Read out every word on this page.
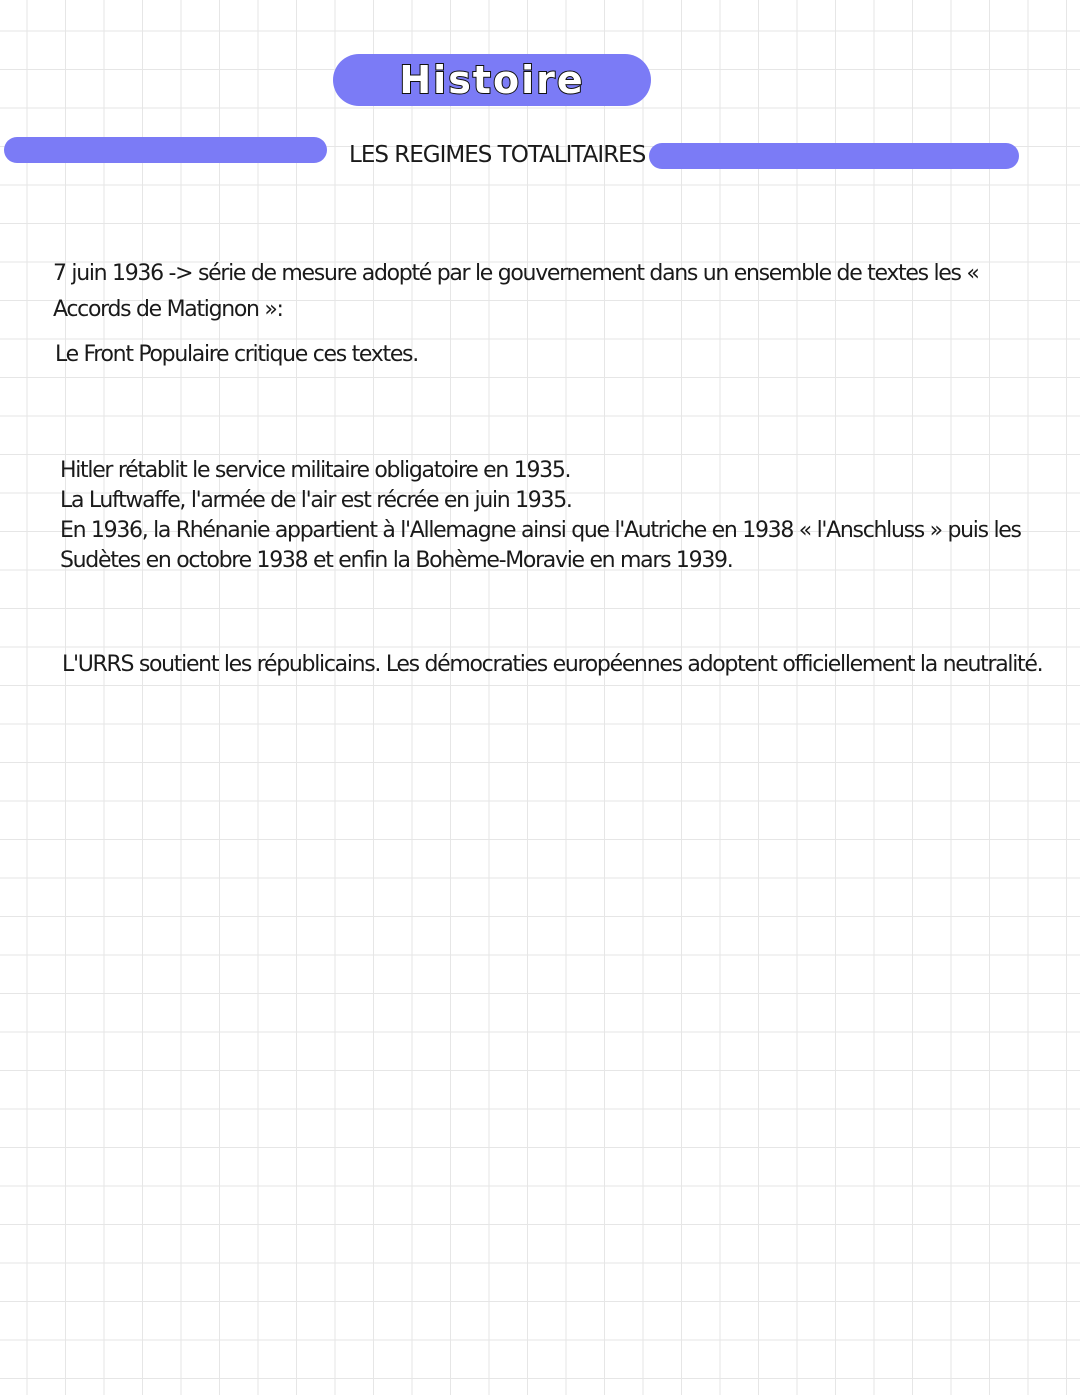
Histoire
LES REGIMES TOTALITAIRES

7 juin 1936 -> série de mesure adopté par le gouvernement dans un ensemble de textes les « Accords de Matignon »:

Le Front Populaire critique ces textes.

Hitler rétablit le service militaire obligatoire en 1935.
La Luftwaffe, l'armée de l'air est récrée en juin 1935.
En 1936, la Rhénanie appartient à l'Allemagne ainsi que l'Autriche en 1938 « l'Anschluss » puis les
Sudètes en octobre 1938 et enfin la Bohème-Moravie en mars 1939.

L'URRS soutient les républicains. Les démocraties européennes adoptent officiellement la neutralité.
